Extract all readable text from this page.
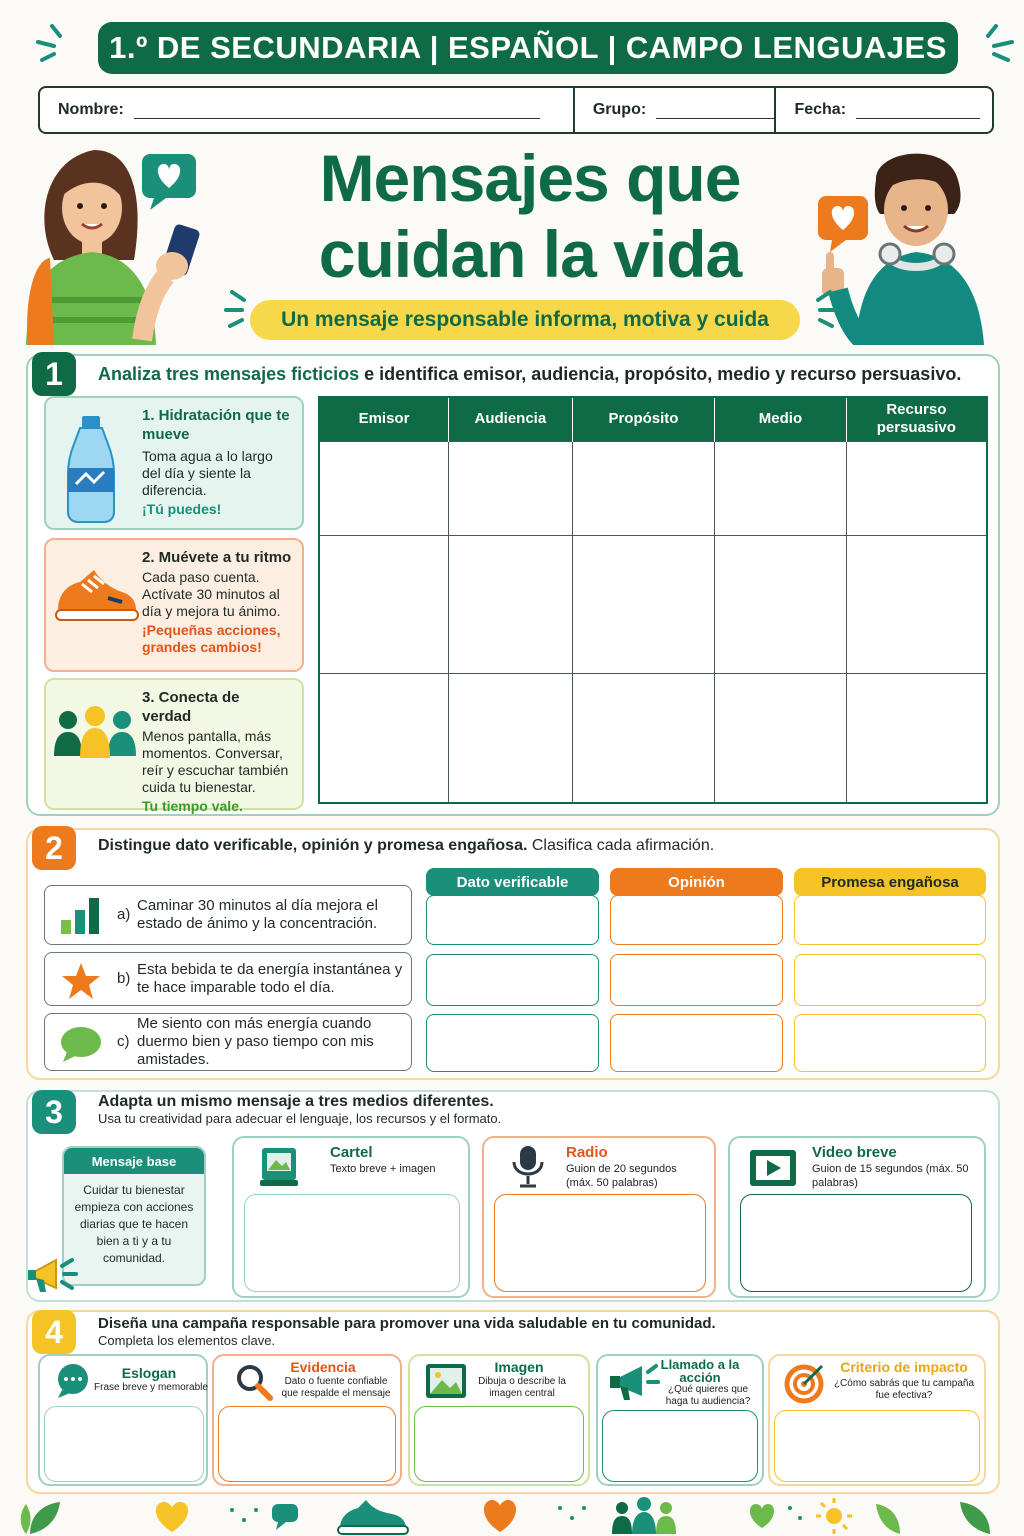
1.º DE SECUNDARIA | ESPAÑOL | CAMPO LENGUAJES
Nombre:	Grupo:	Fecha:
Mensajes que
cuidan la vida
Un mensaje responsable informa, motiva y cuida
1	Analiza tres mensajes ficticios e identifica emisor, audiencia, propósito, medio y recurso persuasivo.
1. Hidratación que te mueve
Toma agua a lo largo del día y siente la diferencia.
¡Tú puedes!
2. Muévete a tu ritmo
Cada paso cuenta. Actívate 30 minutos al día y mejora tu ánimo.
¡Pequeñas acciones, grandes cambios!
3. Conecta de verdad
Menos pantalla, más momentos. Conversar, reír y escuchar también cuida tu bienestar.
Tu tiempo vale.
Emisor	Audiencia	Propósito	Medio	Recurso persuasivo

2	Distingue dato verificable, opinión y promesa engañosa. Clasifica cada afirmación.
Dato verificable	Opinión	Promesa engañosa
a)
Caminar 30 minutos al día mejora el estado de ánimo y la concentración.
b)
Esta bebida te da energía instantánea y te hace imparable todo el día.
c)
Me siento con más energía cuando duermo bien y paso tiempo con mis amistades.
3	Adapta un mismo mensaje a tres medios diferentes.
Usa tu creatividad para adecuar el lenguaje, los recursos y el formato.
Mensaje base
Cuidar tu bienestar empieza con acciones diarias que te hacen bien a ti y a tu comunidad.
Cartel
Texto breve + imagen
Radio
Guion de 20 segundos (máx. 50 palabras)
Video breve
Guion de 15 segundos (máx. 50 palabras)
4	Diseña una campaña responsable para promover una vida saludable en tu comunidad.
Completa los elementos clave.
Eslogan
Frase breve y memorable
Evidencia
Dato o fuente confiable que respalde el mensaje
Imagen
Dibuja o describe la imagen central
Llamado a la acción
¿Qué quieres que haga tu audiencia?
Criterio de impacto
¿Cómo sabrás que tu campaña fue efectiva?
